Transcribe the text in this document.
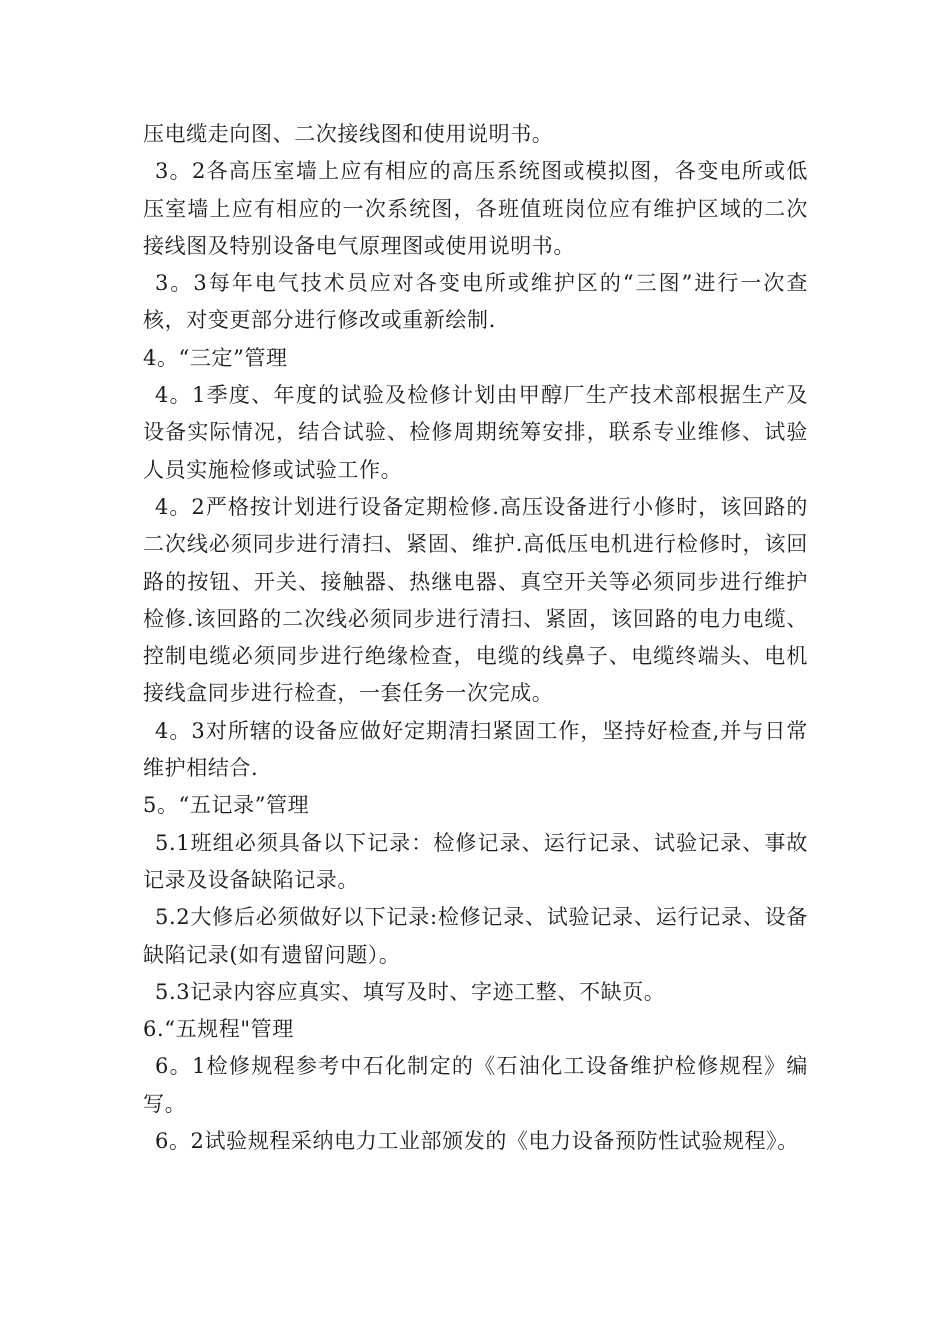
压电缆走向图、二次接线图和使用说明书。

3。2各高压室墙上应有相应的高压系统图或模拟图，各变电所或低压室墙上应有相应的一次系统图，各班值班岗位应有维护区域的二次接线图及特别设备电气原理图或使用说明书。

3。3每年电气技术员应对各变电所或维护区的“三图”进行一次查核，对变更部分进行修改或重新绘制.

4。“三定”管理

4。1季度、年度的试验及检修计划由甲醇厂生产技术部根据生产及设备实际情况，结合试验、检修周期统筹安排，联系专业维修、试验人员实施检修或试验工作。

4。2严格按计划进行设备定期检修.高压设备进行小修时，该回路的二次线必须同步进行清扫、紧固、维护.高低压电机进行检修时，该回路的按钮、开关、接触器、热继电器、真空开关等必须同步进行维护检修.该回路的二次线必须同步进行清扫、紧固，该回路的电力电缆、控制电缆必须同步进行绝缘检查，电缆的线鼻子、电缆终端头、电机接线盒同步进行检查，一套任务一次完成。

4。3对所辖的设备应做好定期清扫紧固工作，坚持好检查,并与日常维护相结合.

5。“五记录”管理

5.1班组必须具备以下记录：检修记录、运行记录、试验记录、事故记录及设备缺陷记录。

5.2大修后必须做好以下记录:检修记录、试验记录、运行记录、设备缺陷记录(如有遗留问题）。

5.3记录内容应真实、填写及时、字迹工整、不缺页。

6.“五规程"管理

6。1检修规程参考中石化制定的《石油化工设备维护检修规程》编写。

6。2试验规程采纳电力工业部颁发的《电力设备预防性试验规程》。
